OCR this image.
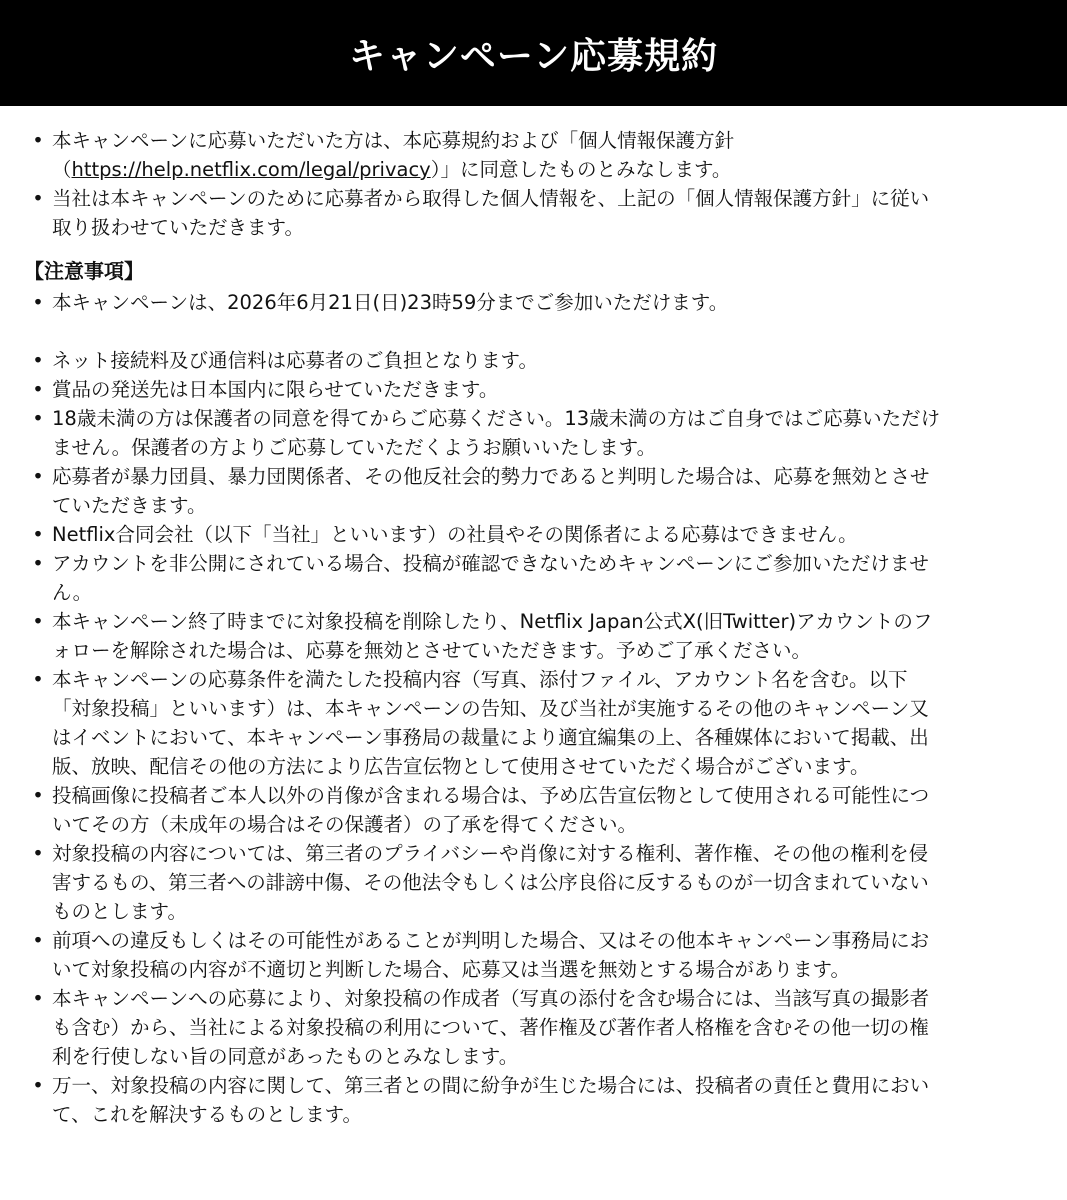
キャンペーン応募規約
• 本キャンペーンに応募いただいた方は、本応募規約および「個人情報保護方針
（https://help.netflix.com/legal/privacy）」に同意したものとみなします。
• 当社は本キャンペーンのために応募者から取得した個人情報を、上記の「個人情報保護方針」に従い
取り扱わせていただきます。
【注意事項】
• 本キャンペーンは、2026年6月21日(日)23時59分までご参加いただけます。
• ネット接続料及び通信料は応募者のご負担となります。
• 賞品の発送先は日本国内に限らせていただきます。
• 18歳未満の方は保護者の同意を得てからご応募ください。13歳未満の方はご自身ではご応募いただけ
ません。保護者の方よりご応募していただくようお願いいたします。
• 応募者が暴力団員、暴力団関係者、その他反社会的勢力であると判明した場合は、応募を無効とさせ
ていただきます。
• Netflix合同会社（以下「当社」といいます）の社員やその関係者による応募はできません。
• アカウントを非公開にされている場合、投稿が確認できないためキャンペーンにご参加いただけませ
ん。
• 本キャンペーン終了時までに対象投稿を削除したり、Netflix Japan公式X(旧Twitter)アカウントのフ
ォローを解除された場合は、応募を無効とさせていただきます。予めご了承ください。
• 本キャンペーンの応募条件を満たした投稿内容（写真、添付ファイル、アカウント名を含む。以下
「対象投稿」といいます）は、本キャンペーンの告知、及び当社が実施するその他のキャンペーン又
はイベントにおいて、本キャンペーン事務局の裁量により適宜編集の上、各種媒体において掲載、出
版、放映、配信その他の方法により広告宣伝物として使用させていただく場合がございます。
• 投稿画像に投稿者ご本人以外の肖像が含まれる場合は、予め広告宣伝物として使用される可能性につ
いてその方（未成年の場合はその保護者）の了承を得てください。
• 対象投稿の内容については、第三者のプライバシーや肖像に対する権利、著作権、その他の権利を侵
害するもの、第三者への誹謗中傷、その他法令もしくは公序良俗に反するものが一切含まれていない
ものとします。
• 前項への違反もしくはその可能性があることが判明した場合、又はその他本キャンペーン事務局にお
いて対象投稿の内容が不適切と判断した場合、応募又は当選を無効とする場合があります。
• 本キャンペーンへの応募により、対象投稿の作成者（写真の添付を含む場合には、当該写真の撮影者
も含む）から、当社による対象投稿の利用について、著作権及び著作者人格権を含むその他一切の権
利を行使しない旨の同意があったものとみなします。
• 万一、対象投稿の内容に関して、第三者との間に紛争が生じた場合には、投稿者の責任と費用におい
て、これを解決するものとします。
